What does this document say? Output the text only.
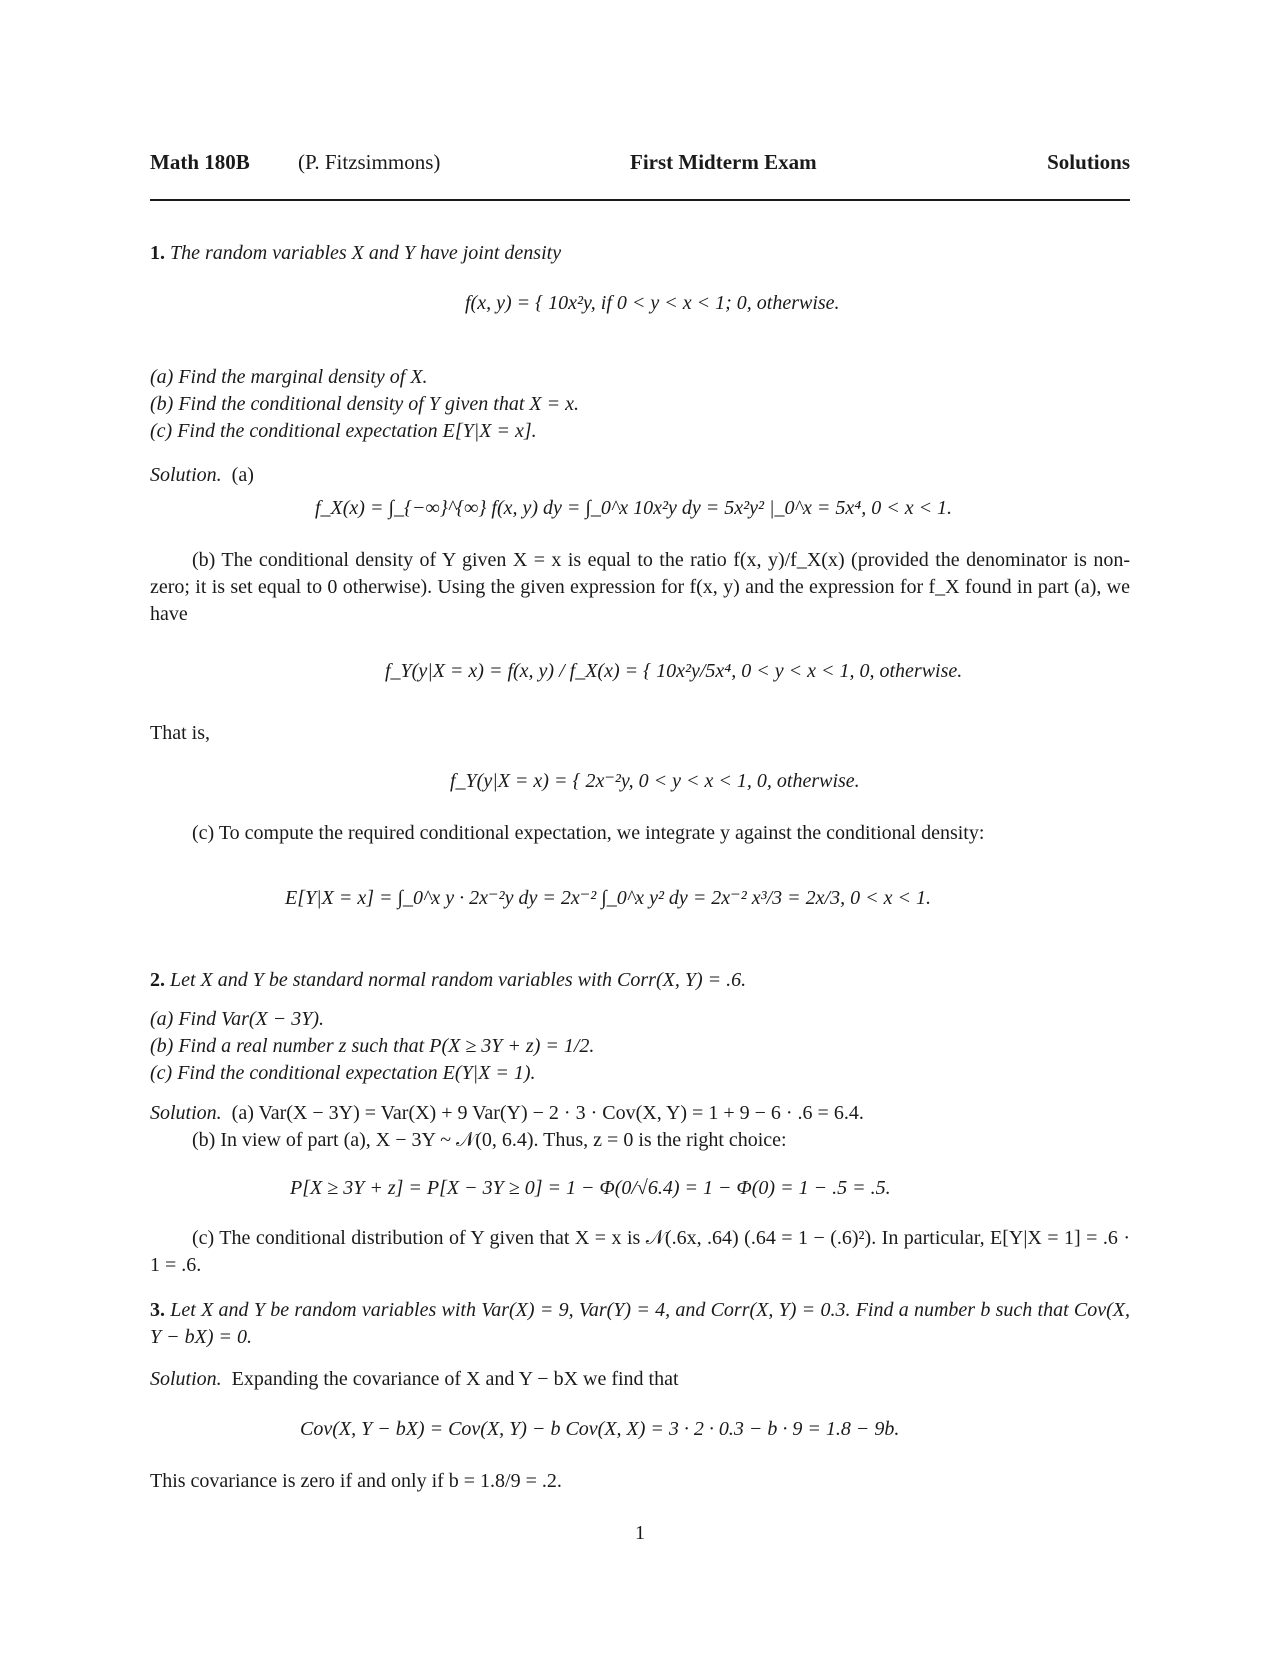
Math 180B (P. Fitzsimmons)	First Midterm Exam	Solutions
1. The random variables X and Y have joint density
f(x, y) = { 10x²y, if 0 < y < x < 1; 0, otherwise.
(a) Find the marginal density of X.
(b) Find the conditional density of Y given that X = x.
(c) Find the conditional expectation E[Y|X = x].
Solution. (a)
f_X(x) = ∫_{−∞}^{∞} f(x, y) dy = ∫_0^x 10x²y dy = 5x²y² |_0^x = 5x⁴, 0 < x < 1.
(b) The conditional density of Y given X = x is equal to the ratio f(x, y)/f_X(x) (provided the denominator is non-zero; it is set equal to 0 otherwise). Using the given expression for f(x, y) and the expression for f_X found in part (a), we have
f_Y(y|X = x) = f(x, y) / f_X(x) = { 10x²y/5x⁴, 0 < y < x < 1, 0, otherwise.
That is,
f_Y(y|X = x) = { 2x⁻²y, 0 < y < x < 1, 0, otherwise.
(c) To compute the required conditional expectation, we integrate y against the conditional density:
E[Y|X = x] = ∫_0^x y · 2x⁻²y dy = 2x⁻² ∫_0^x y² dy = 2x⁻² x³/3 = 2x/3, 0 < x < 1.
2. Let X and Y be standard normal random variables with Corr(X, Y) = .6.
(a) Find Var(X − 3Y).
(b) Find a real number z such that P(X ≥ 3Y + z) = 1/2.
(c) Find the conditional expectation E(Y|X = 1).
Solution. (a) Var(X − 3Y) = Var(X) + 9 Var(Y) − 2 · 3 · Cov(X, Y) = 1 + 9 − 6 · .6 = 6.4.
(b) In view of part (a), X − 3Y ~ 𝒩(0, 6.4). Thus, z = 0 is the right choice:
P[X ≥ 3Y + z] = P[X − 3Y ≥ 0] = 1 − Φ(0/√6.4) = 1 − Φ(0) = 1 − .5 = .5.
(c) The conditional distribution of Y given that X = x is 𝒩(.6x, .64) (.64 = 1 − (.6)²). In particular, E[Y|X = 1] = .6 · 1 = .6.
3. Let X and Y be random variables with Var(X) = 9, Var(Y) = 4, and Corr(X, Y) = 0.3. Find a number b such that Cov(X, Y − bX) = 0.
Solution. Expanding the covariance of X and Y − bX we find that
Cov(X, Y − bX) = Cov(X, Y) − b Cov(X, X) = 3 · 2 · 0.3 − b · 9 = 1.8 − 9b.
This covariance is zero if and only if b = 1.8/9 = .2.
1
